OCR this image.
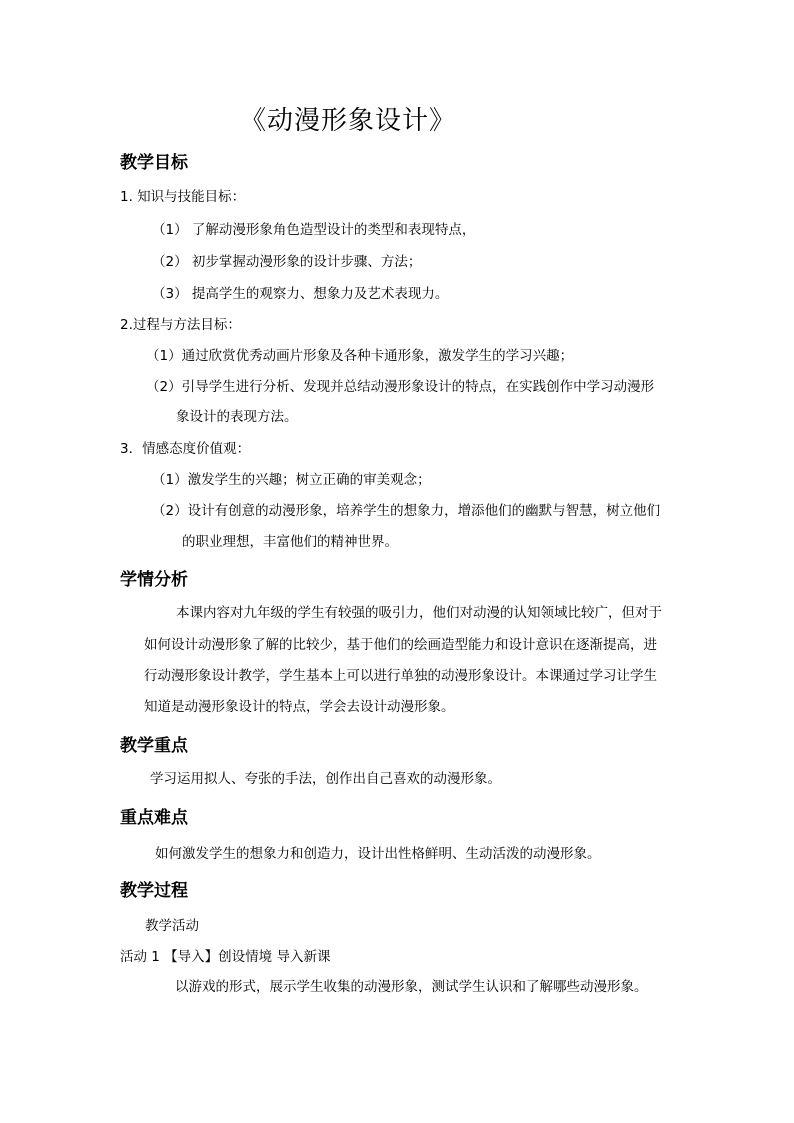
《动漫形象设计》
教学目标
1. 知识与技能目标：
（1） 了解动漫形象角色造型设计的类型和表现特点，
（2） 初步掌握动漫形象的设计步骤、方法；
（3） 提高学生的观察力、想象力及艺术表现力。
2.过程与方法目标：
（1）通过欣赏优秀动画片形象及各种卡通形象，激发学生的学习兴趣；
（2）引导学生进行分析、发现并总结动漫形象设计的特点，在实践创作中学习动漫形
象设计的表现方法。
3．情感态度价值观：
（1）激发学生的兴趣；树立正确的审美观念；
（2）设计有创意的动漫形象，培养学生的想象力，增添他们的幽默与智慧，树立他们
的职业理想，丰富他们的精神世界。
学情分析
本课内容对九年级的学生有较强的吸引力，他们对动漫的认知领域比较广，但对于
如何设计动漫形象了解的比较少，基于他们的绘画造型能力和设计意识在逐渐提高，进
行动漫形象设计教学，学生基本上可以进行单独的动漫形象设计。本课通过学习让学生
知道是动漫形象设计的特点，学会去设计动漫形象。
教学重点
学习运用拟人、夸张的手法，创作出自己喜欢的动漫形象。
重点难点
如何激发学生的想象力和创造力，设计出性格鲜明、生动活泼的动漫形象。
教学过程
教学活动
活动 1 【导入】创设情境 导入新课
以游戏的形式，展示学生收集的动漫形象，测试学生认识和了解哪些动漫形象。
